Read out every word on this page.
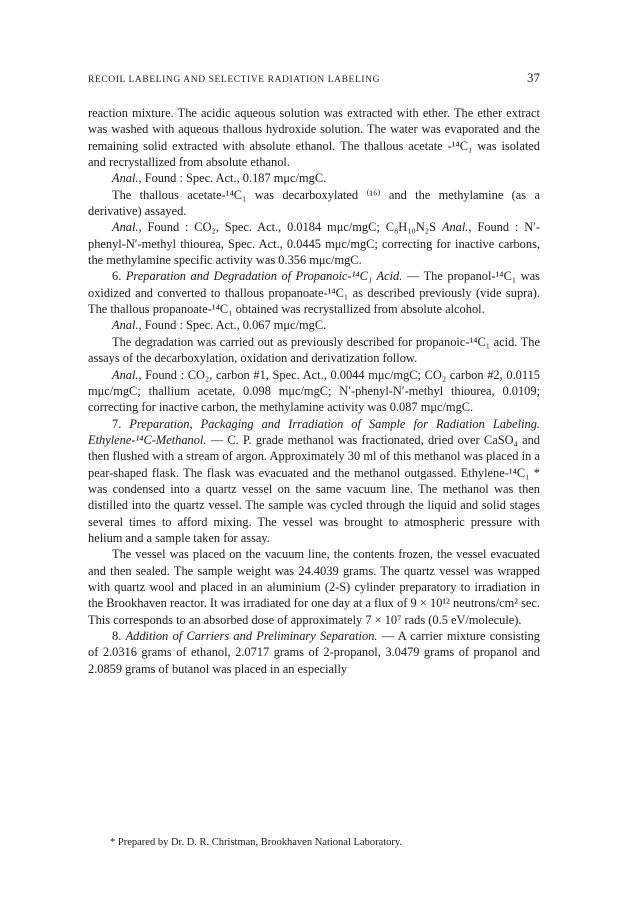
RECOIL LABELING AND SELECTIVE RADIATION LABELING	37

reaction mixture. The acidic aqueous solution was extracted with ether. The ether extract was washed with aqueous thallous hydroxide solution. The water was evaporated and the remaining solid extracted with absolute ethanol. The thallous acetate -¹⁴C₁ was isolated and recrystallized from absolute ethanol.

Anal., Found : Spec. Act., 0.187 mμc/mgC.

The thallous acetate-¹⁴C₁ was decarboxylated ⁽¹⁶⁾ and the methylamine (as a derivative) assayed.

Anal., Found : CO₂, Spec. Act., 0.0184 mμc/mgC; C₈H₁₀N₂S Anal., Found : N′-phenyl-N′-methyl thiourea, Spec. Act., 0.0445 mμc/mgC; correcting for inactive carbons, the methylamine specific activity was 0.356 mμc/mgC.

6. Preparation and Degradation of Propanoic-¹⁴C₁ Acid. — The propanol-¹⁴C₁ was oxidized and converted to thallous propanoate-¹⁴C₁ as described previously (vide supra). The thallous propanoate-¹⁴C₁ obtained was recrystallized from absolute alcohol.

Anal., Found : Spec. Act., 0.067 mμc/mgC.

The degradation was carried out as previously described for propanoic-¹⁴C₁ acid. The assays of the decarboxylation, oxidation and derivatization follow.

Anal., Found : CO₂, carbon #1, Spec. Act., 0.0044 mμc/mgC; CO₂ carbon #2, 0.0115 mμc/mgC; thallium acetate, 0.098 mμc/mgC; N′-phenyl-N′-methyl thiourea, 0.0109; correcting for inactive carbon, the methylamine activity was 0.087 mμc/mgC.

7. Preparation, Packaging and Irradiation of Sample for Radiation Labeling. Ethylene-¹⁴C-Methanol. — C. P. grade methanol was fractionated, dried over CaSO₄ and then flushed with a stream of argon. Approximately 30 ml of this methanol was placed in a pear-shaped flask. The flask was evacuated and the methanol outgassed. Ethylene-¹⁴C₁ * was condensed into a quartz vessel on the same vacuum line. The methanol was then distilled into the quartz vessel. The sample was cycled through the liquid and solid stages several times to afford mixing. The vessel was brought to atmospheric pressure with helium and a sample taken for assay.

The vessel was placed on the vacuum line, the contents frozen, the vessel evacuated and then sealed. The sample weight was 24.4039 grams. The quartz vessel was wrapped with quartz wool and placed in an aluminium (2-S) cylinder preparatory to irradiation in the Brookhaven reactor. It was irradiated for one day at a flux of 9 × 10¹² neutrons/cm² sec. This corresponds to an absorbed dose of approximately 7 × 10⁷ rads (0.5 eV/molecule).

8. Addition of Carriers and Preliminary Separation. — A carrier mixture consisting of 2.0316 grams of ethanol, 2.0717 grams of 2-propanol, 3.0479 grams of propanol and 2.0859 grams of butanol was placed in an especially

* Prepared by Dr. D. R. Christman, Brookhaven National Laboratory.
